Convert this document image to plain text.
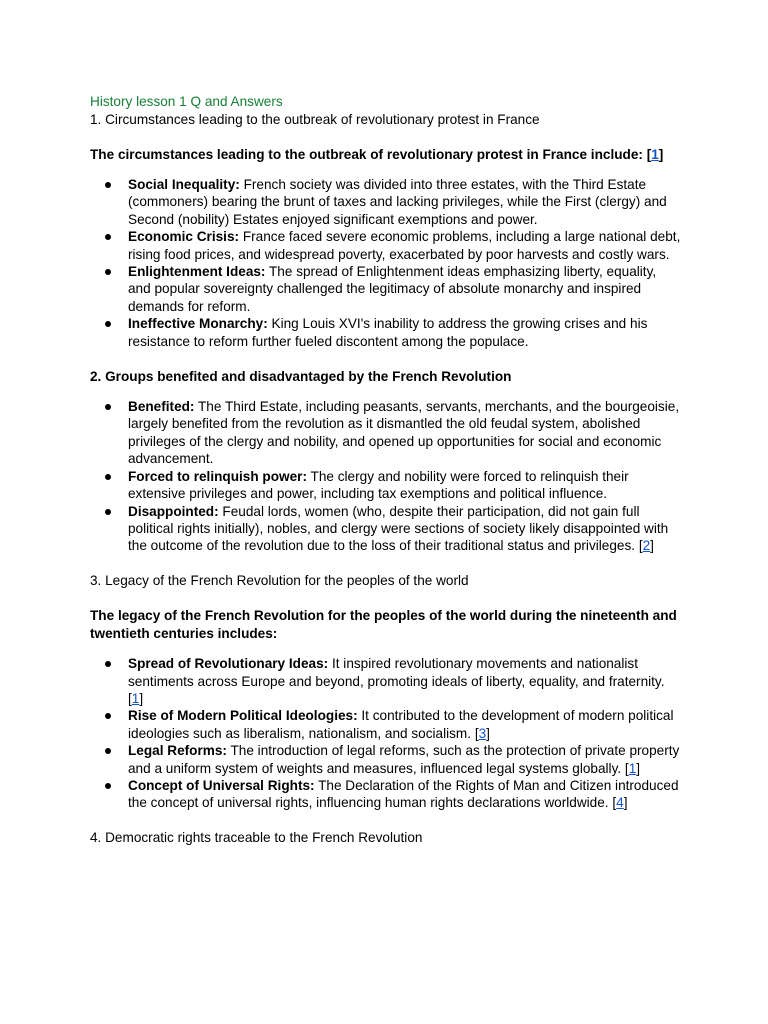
History lesson 1 Q and Answers

1. Circumstances leading to the outbreak of revolutionary protest in France

The circumstances leading to the outbreak of revolutionary protest in France include: [1]

Social Inequality: French society was divided into three estates, with the Third Estate (commoners) bearing the brunt of taxes and lacking privileges, while the First (clergy) and Second (nobility) Estates enjoyed significant exemptions and power.
Economic Crisis: France faced severe economic problems, including a large national debt, rising food prices, and widespread poverty, exacerbated by poor harvests and costly wars.
Enlightenment Ideas: The spread of Enlightenment ideas emphasizing liberty, equality, and popular sovereignty challenged the legitimacy of absolute monarchy and inspired demands for reform.
Ineffective Monarchy: King Louis XVI's inability to address the growing crises and his resistance to reform further fueled discontent among the populace.

2. Groups benefited and disadvantaged by the French Revolution

Benefited: The Third Estate, including peasants, servants, merchants, and the bourgeoisie, largely benefited from the revolution as it dismantled the old feudal system, abolished privileges of the clergy and nobility, and opened up opportunities for social and economic advancement.
Forced to relinquish power: The clergy and nobility were forced to relinquish their extensive privileges and power, including tax exemptions and political influence.
Disappointed: Feudal lords, women (who, despite their participation, did not gain full political rights initially), nobles, and clergy were sections of society likely disappointed with the outcome of the revolution due to the loss of their traditional status and privileges. [2]

3. Legacy of the French Revolution for the peoples of the world

The legacy of the French Revolution for the peoples of the world during the nineteenth and twentieth centuries includes:

Spread of Revolutionary Ideas: It inspired revolutionary movements and nationalist sentiments across Europe and beyond, promoting ideals of liberty, equality, and fraternity. [1]
Rise of Modern Political Ideologies: It contributed to the development of modern political ideologies such as liberalism, nationalism, and socialism. [3]
Legal Reforms: The introduction of legal reforms, such as the protection of private property and a uniform system of weights and measures, influenced legal systems globally. [1]
Concept of Universal Rights: The Declaration of the Rights of Man and Citizen introduced the concept of universal rights, influencing human rights declarations worldwide. [4]

4. Democratic rights traceable to the French Revolution
